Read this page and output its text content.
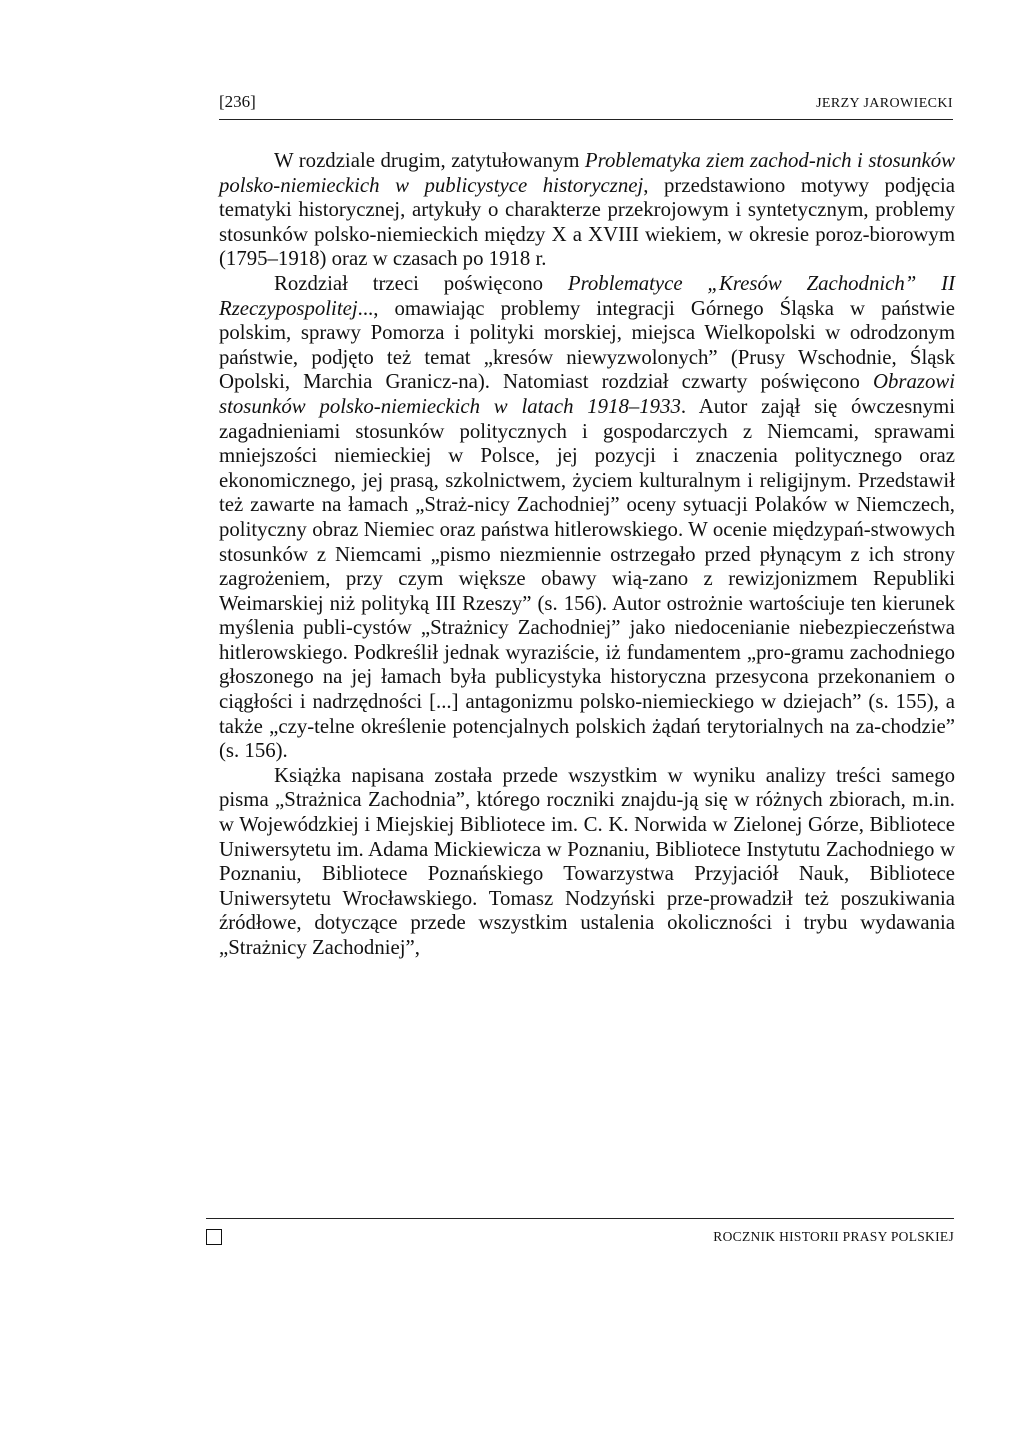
[236]	JERZY JAROWIECKI

W rozdziale drugim, zatytułowanym Problematyka ziem zachod-nich i stosunków polsko-niemieckich w publicystyce historycznej, przedstawiono motywy podjęcia tematyki historycznej, artykuły o charakterze przekrojowym i syntetycznym, problemy stosunków polsko-niemieckich między X a XVIII wiekiem, w okresie poroz-biorowym (1795–1918) oraz w czasach po 1918 r.

Rozdział trzeci poświęcono Problematyce „Kresów Zachodnich” II Rzeczypospolitej..., omawiając problemy integracji Górnego Śląska w państwie polskim, sprawy Pomorza i polityki morskiej, miejsca Wielkopolski w odrodzonym państwie, podjęto też temat „kresów niewyzwolonych” (Prusy Wschodnie, Śląsk Opolski, Marchia Granicz-na). Natomiast rozdział czwarty poświęcono Obrazowi stosunków polsko-niemieckich w latach 1918–1933. Autor zajął się ówczesnymi zagadnieniami stosunków politycznych i gospodarczych z Niemcami, sprawami mniejszości niemieckiej w Polsce, jej pozycji i znaczenia politycznego oraz ekonomicznego, jej prasą, szkolnictwem, życiem kulturalnym i religijnym. Przedstawił też zawarte na łamach „Straż-nicy Zachodniej” oceny sytuacji Polaków w Niemczech, polityczny obraz Niemiec oraz państwa hitlerowskiego. W ocenie międzypań-stwowych stosunków z Niemcami „pismo niezmiennie ostrzegało przed płynącym z ich strony zagrożeniem, przy czym większe obawy wią-zano z rewizjonizmem Republiki Weimarskiej niż polityką III Rzeszy” (s. 156). Autor ostrożnie wartościuje ten kierunek myślenia publi-cystów „Strażnicy Zachodniej” jako niedocenianie niebezpieczeństwa hitlerowskiego. Podkreślił jednak wyraziście, iż fundamentem „pro-gramu zachodniego głoszonego na jej łamach była publicystyka historyczna przesycona przekonaniem o ciągłości i nadrzędności [...] antagonizmu polsko-niemieckiego w dziejach” (s. 155), a także „czy-telne określenie potencjalnych polskich żądań terytorialnych na za-chodzie” (s. 156).

Książka napisana została przede wszystkim w wyniku analizy treści samego pisma „Strażnica Zachodnia”, którego roczniki znajdu-ją się w różnych zbiorach, m.in. w Wojewódzkiej i Miejskiej Bibliotece im. C. K. Norwida w Zielonej Górze, Bibliotece Uniwersytetu im. Adama Mickiewicza w Poznaniu, Bibliotece Instytutu Zachodniego w Poznaniu, Bibliotece Poznańskiego Towarzystwa Przyjaciół Nauk, Bibliotece Uniwersytetu Wrocławskiego. Tomasz Nodzyński prze-prowadził też poszukiwania źródłowe, dotyczące przede wszystkim ustalenia okoliczności i trybu wydawania „Strażnicy Zachodniej”,

ROCZNIK HISTORII PRASY POLSKIEJ
